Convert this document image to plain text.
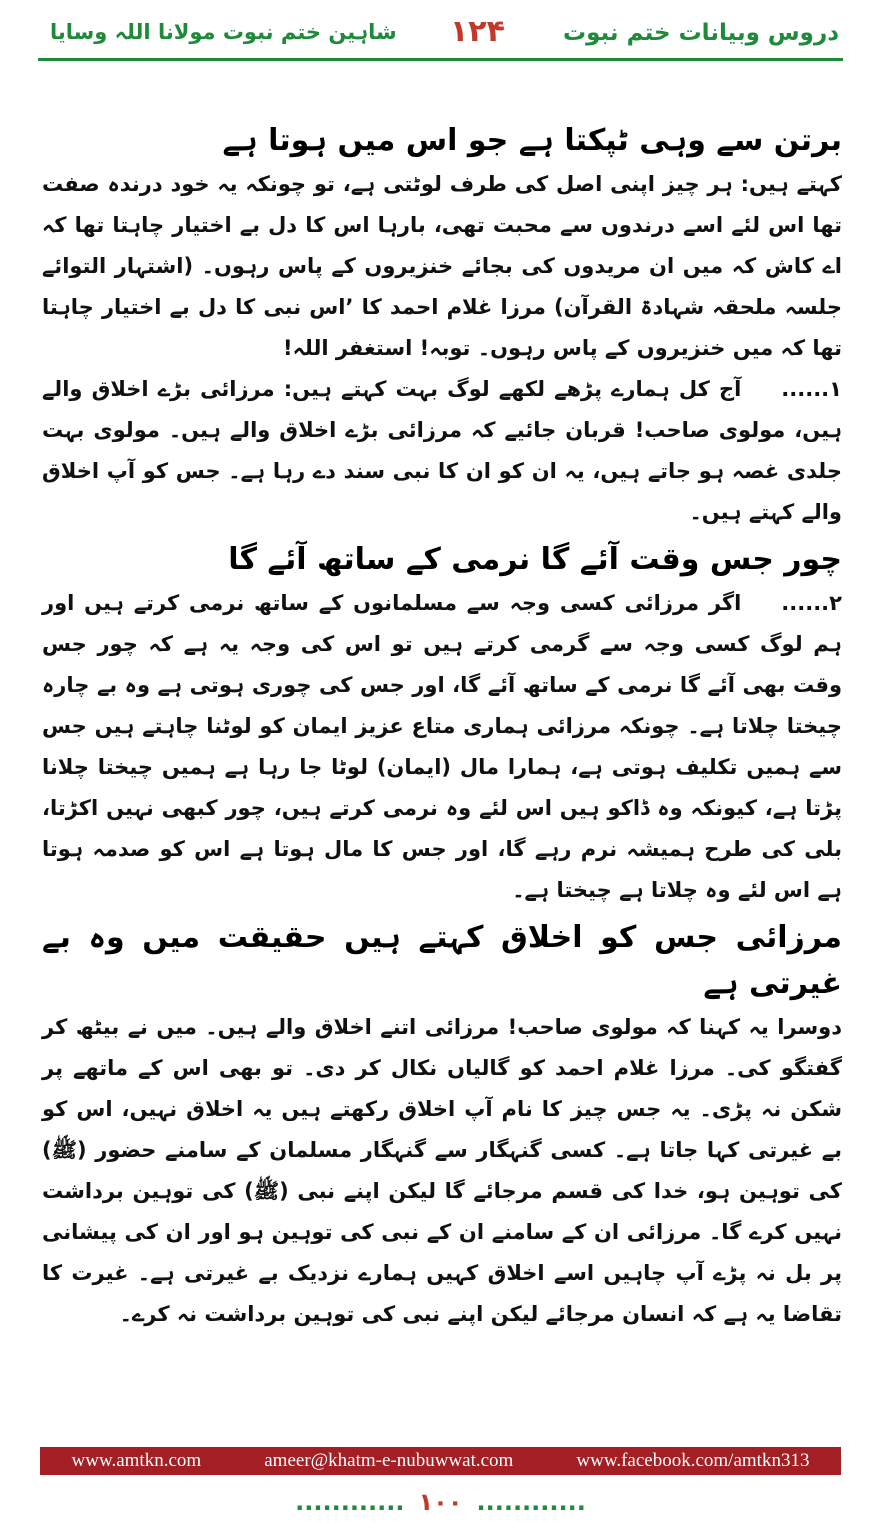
دروس وبیانات ختم نبوت
۱۲۴
شاہین ختم نبوت مولانا اللہ وسایا
برتن سے وہی ٹپکتا ہے جو اس میں ہوتا ہے

کہتے ہیں: ہر چیز اپنی اصل کی طرف لوٹتی ہے، تو چونکہ یہ خود درندہ صفت تھا اس لئے اسے درندوں سے محبت تھی، بارہا اس کا دل بے اختیار چاہتا تھا کہ اے کاش کہ میں ان مریدوں کی بجائے خنزیروں کے پاس رہوں۔ (اشتہار التوائے جلسہ ملحقہ شہادۃ القرآن) مرزا غلام احمد کا ’اس نبی کا دل بے اختیار چاہتا تھا کہ میں خنزیروں کے پاس رہوں۔ توبہ! استغفر اللہ!

۱......آج کل ہمارے پڑھے لکھے لوگ بہت کہتے ہیں: مرزائی بڑے اخلاق والے ہیں، مولوی صاحب! قربان جائیے کہ مرزائی بڑے اخلاق والے ہیں۔ مولوی بہت جلدی غصہ ہو جاتے ہیں، یہ ان کو ان کا نبی سند دے رہا ہے۔ جس کو آپ اخلاق والے کہتے ہیں۔

چور جس وقت آئے گا نرمی کے ساتھ آئے گا

۲......اگر مرزائی کسی وجہ سے مسلمانوں کے ساتھ نرمی کرتے ہیں اور ہم لوگ کسی وجہ سے گرمی کرتے ہیں تو اس کی وجہ یہ ہے کہ چور جس وقت بھی آئے گا نرمی کے ساتھ آئے گا، اور جس کی چوری ہوتی ہے وہ بے چارہ چیختا چلاتا ہے۔ چونکہ مرزائی ہماری متاع عزیز ایمان کو لوٹنا چاہتے ہیں جس سے ہمیں تکلیف ہوتی ہے، ہمارا مال (ایمان) لوٹا جا رہا ہے ہمیں چیختا چلانا پڑتا ہے، کیونکہ وہ ڈاکو ہیں اس لئے وہ نرمی کرتے ہیں، چور کبھی نہیں اکڑتا، بلی کی طرح ہمیشہ نرم رہے گا، اور جس کا مال ہوتا ہے اس کو صدمہ ہوتا ہے اس لئے وہ چلاتا ہے چیختا ہے۔

مرزائی جس کو اخلاق کہتے ہیں حقیقت میں وہ بے غیرتی ہے

دوسرا یہ کہنا کہ مولوی صاحب! مرزائی اتنے اخلاق والے ہیں۔ میں نے بیٹھ کر گفتگو کی۔ مرزا غلام احمد کو گالیاں نکال کر دی۔ تو بھی اس کے ماتھے پر شکن نہ پڑی۔ یہ جس چیز کا نام آپ اخلاق رکھتے ہیں یہ اخلاق نہیں، اس کو بے غیرتی کہا جاتا ہے۔ کسی گنہگار سے گنہگار مسلمان کے سامنے حضور (ﷺ) کی توہین ہو، خدا کی قسم مرجائے گا لیکن اپنے نبی (ﷺ) کی توہین برداشت نہیں کرے گا۔ مرزائی ان کے سامنے ان کے نبی کی توہین ہو اور ان کی پیشانی پر بل نہ پڑے آپ چاہیں اسے اخلاق کہیں ہمارے نزدیک بے غیرتی ہے۔ غیرت کا تقاضا یہ ہے کہ انسان مرجائے لیکن اپنے نبی کی توہین برداشت نہ کرے۔

www.amtkn.com	ameer@khatm-e-nubuwwat.com	www.facebook.com/amtkn313
............ ۱۰۰ ............
